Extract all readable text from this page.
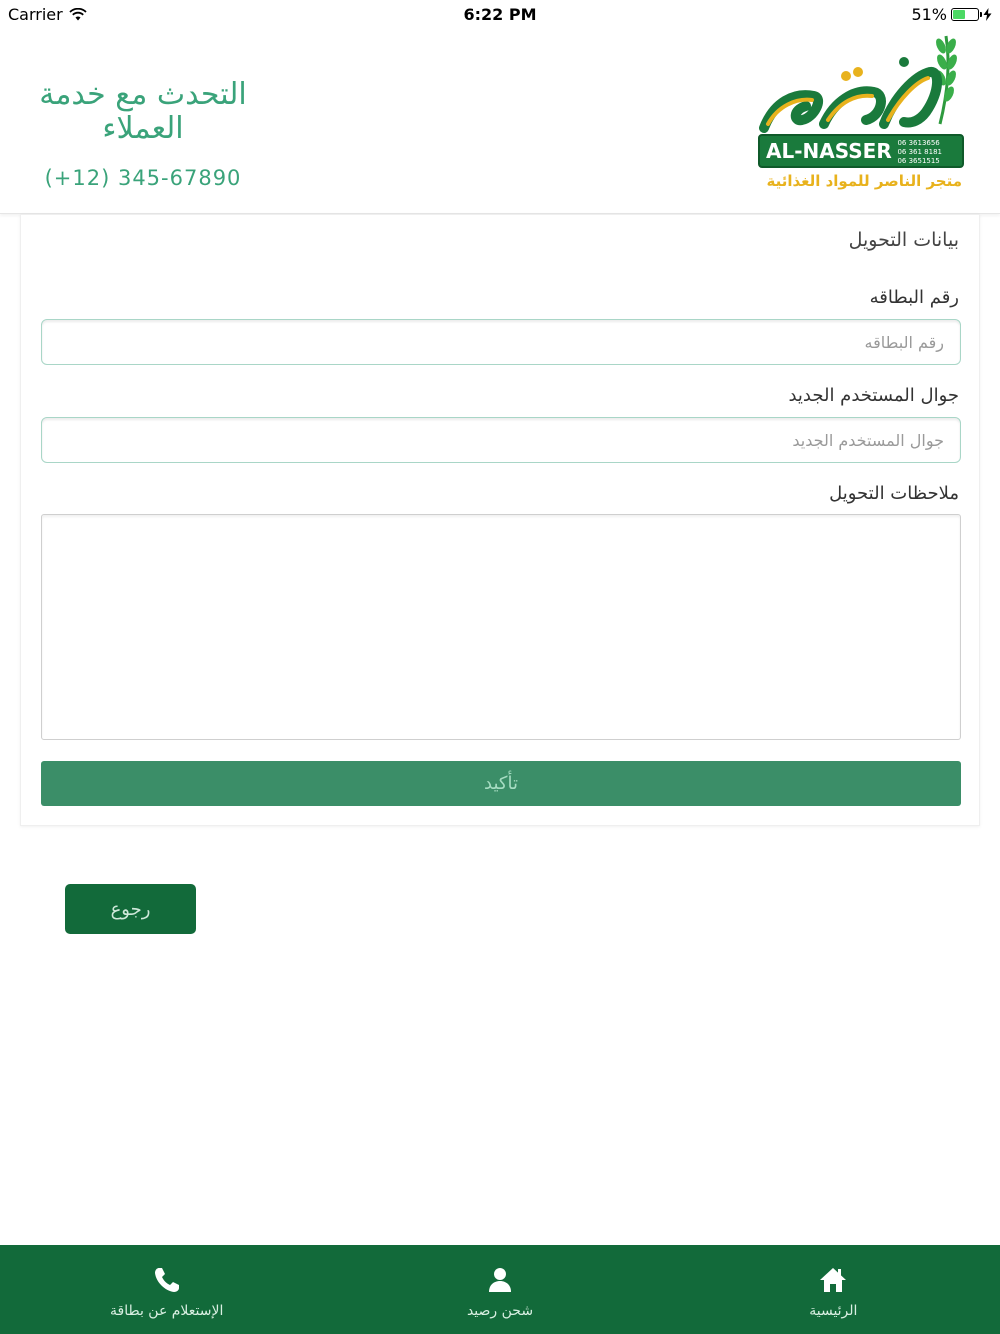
Carrier	6:22 PM	51%
التحدث مع خدمة العملاء
(+12) 345-67890
AL-NASSER 06 3613656
06 361 8181
06 3651515
متجر الناصر للمواد الغذائية
بيانات التحويل
رقم البطاقه
رقم البطاقه
جوال المستخدم الجديد
جوال المستخدم الجديد
ملاحظات التحويل
تأكيد
رجوع
الرئيسية
شحن رصيد
الإستعلام عن بطاقة
